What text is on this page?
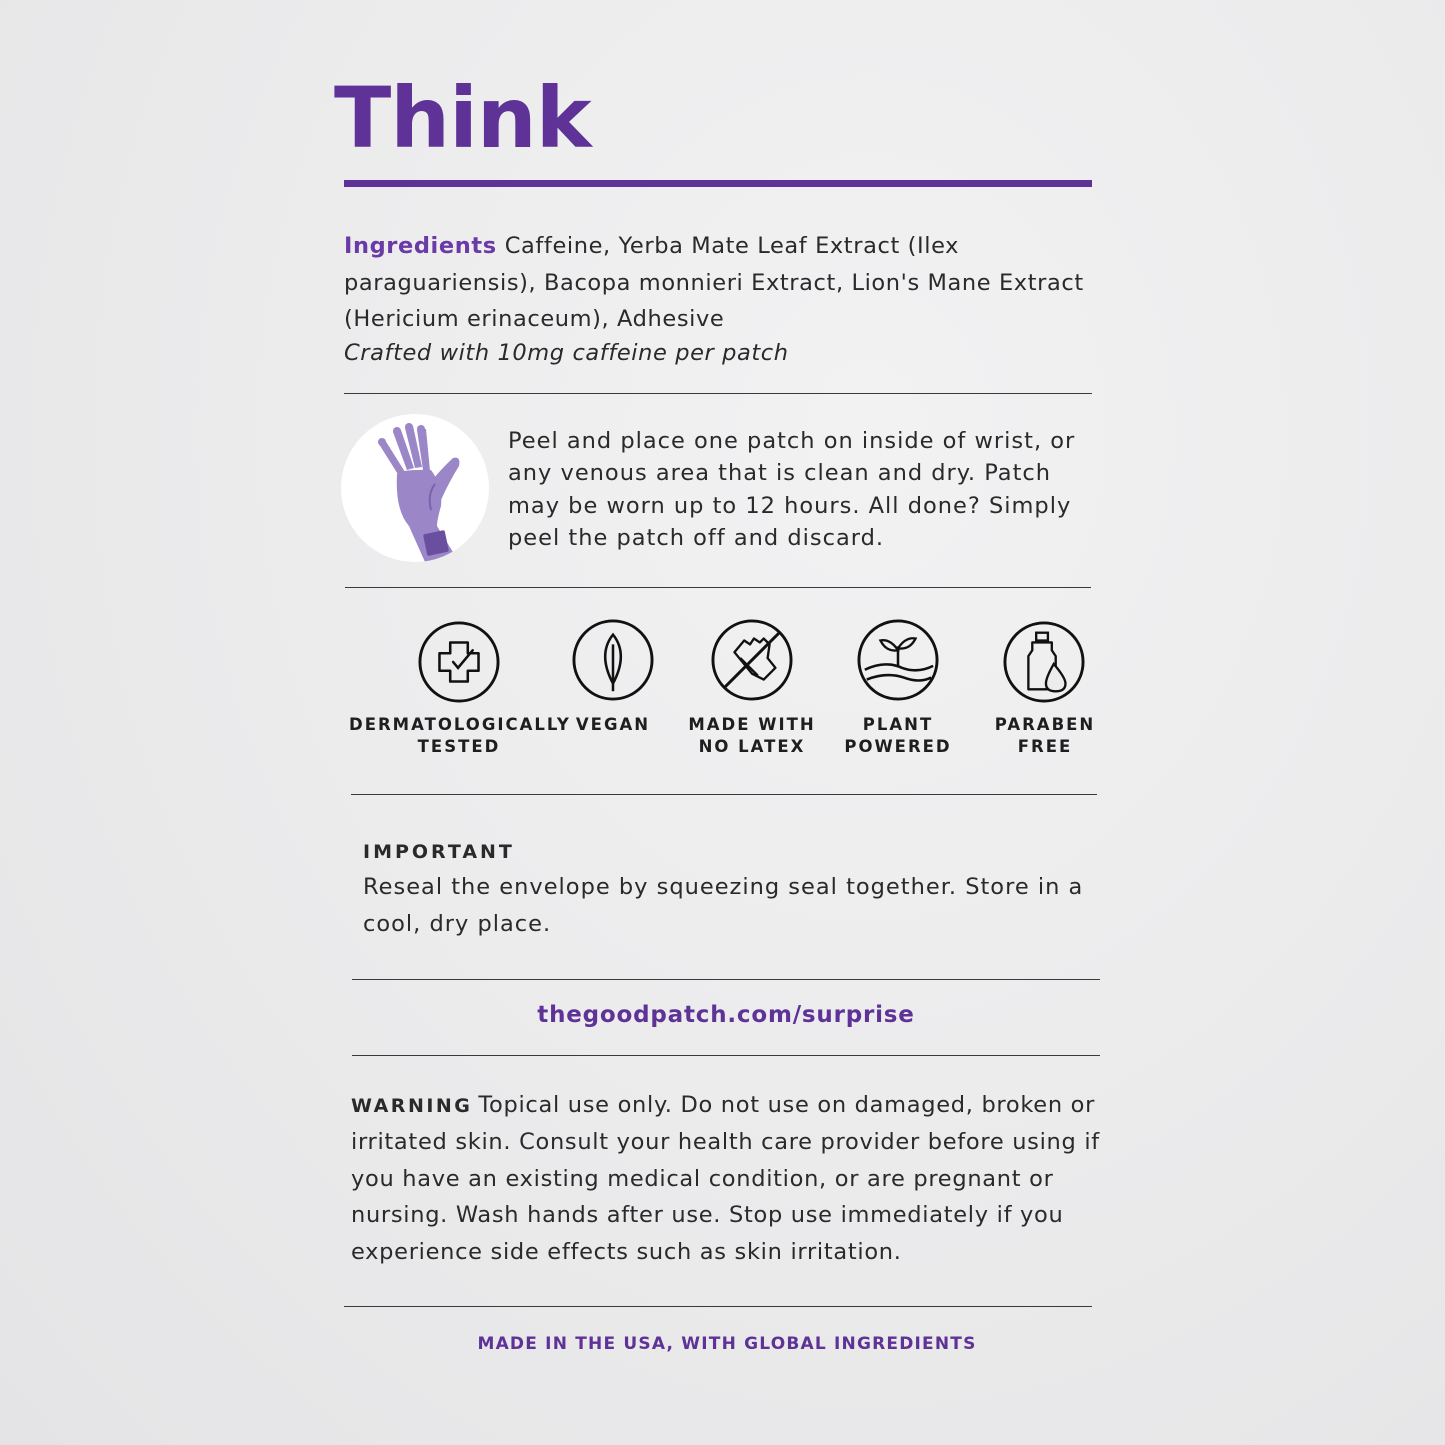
Think
Ingredients Caffeine, Yerba Mate Leaf Extract (Ilex paraguariensis), Bacopa monnieri Extract, Lion's Mane Extract (Hericium erinaceum), Adhesive
Crafted with 10mg caffeine per patch
Peel and place one patch on inside of wrist, or any venous area that is clean and dry. Patch may be worn up to 12 hours. All done? Simply peel the patch off and discard.
DERMATOLOGICALLY
TESTED
VEGAN	MADE WITH
NO LATEX
PLANT
POWERED
PARABEN
FREE
IMPORTANT
Reseal the envelope by squeezing seal together. Store in a cool, dry place.
thegoodpatch.com/surprise
WARNING Topical use only. Do not use on damaged, broken or irritated skin. Consult your health care provider before using if you have an existing medical condition, or are pregnant or nursing. Wash hands after use. Stop use immediately if you experience side effects such as skin irritation.
MADE IN THE USA, WITH GLOBAL INGREDIENTS
